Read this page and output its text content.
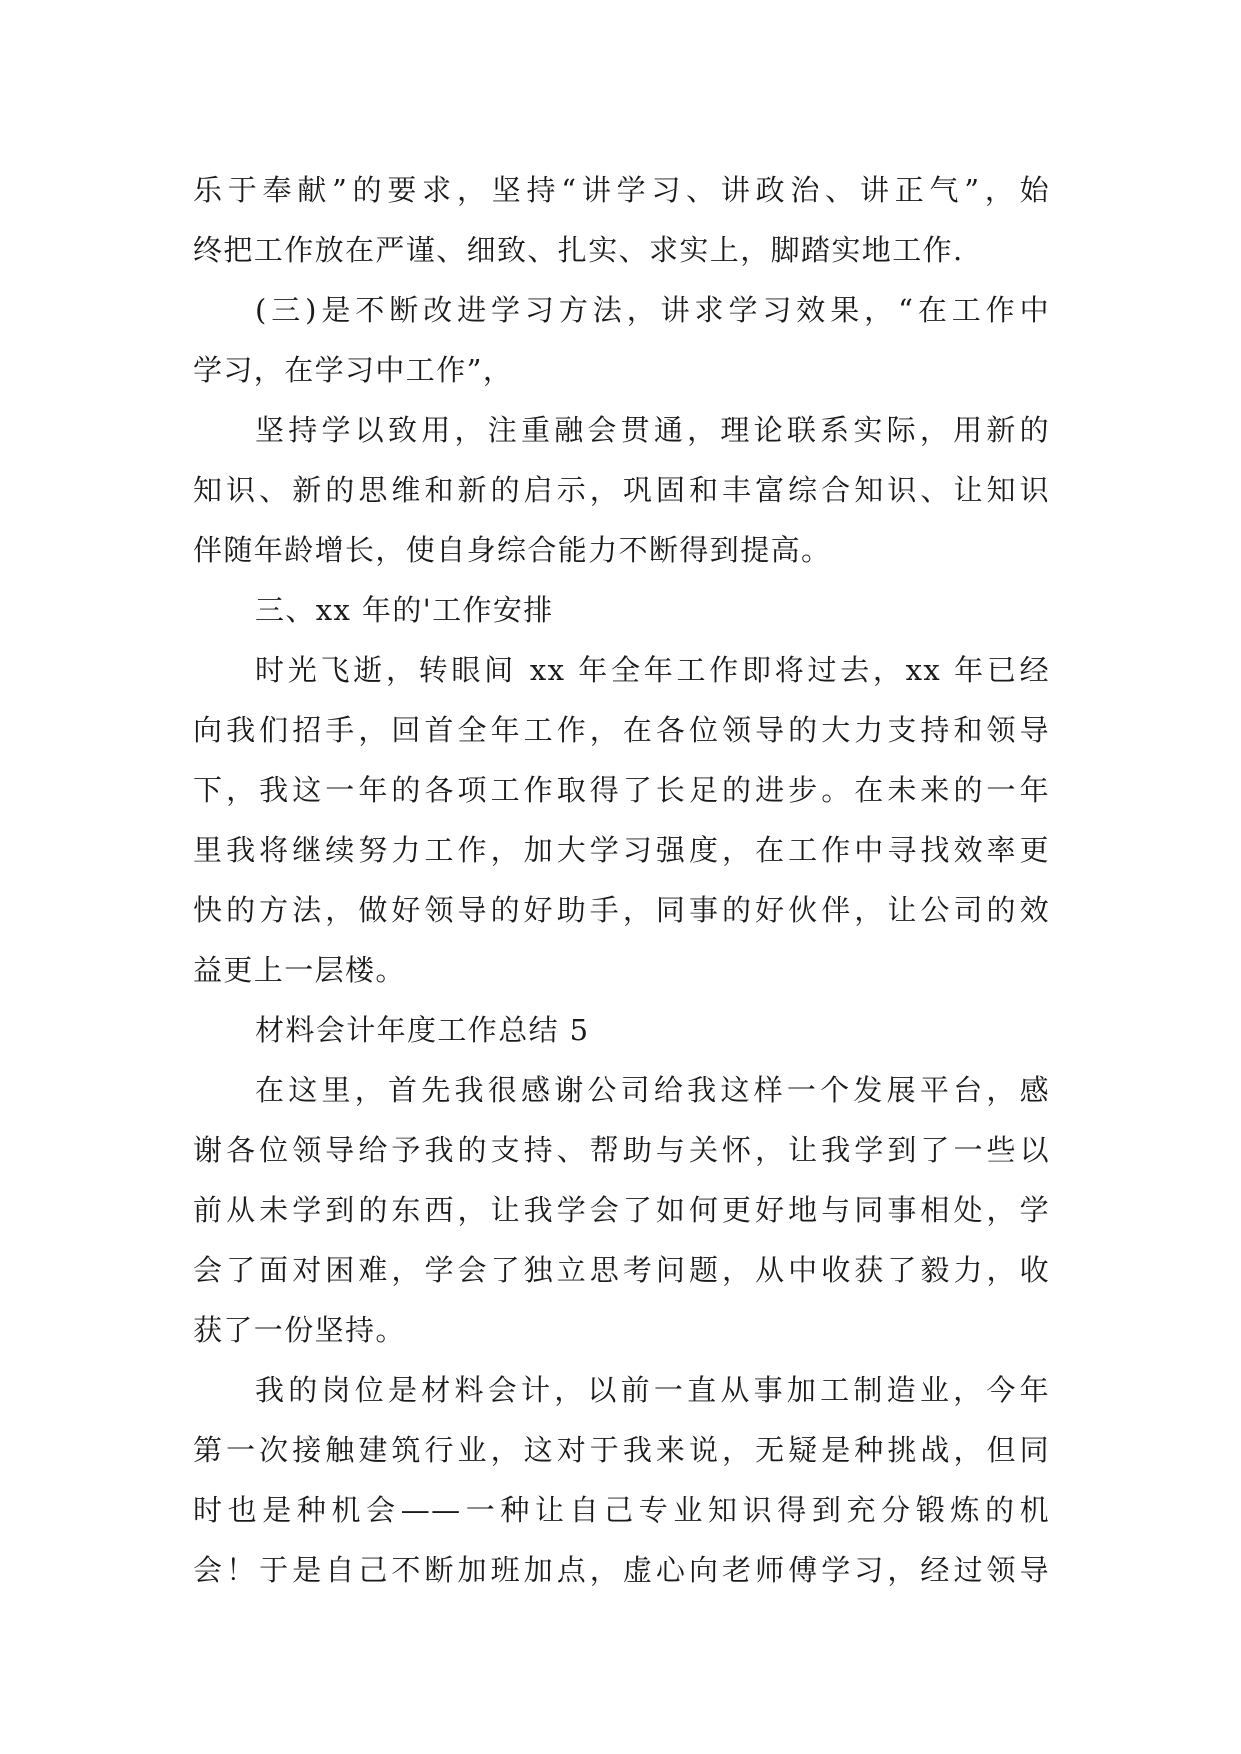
乐于奉献”的要求，坚持“讲学习、讲政治、讲正气”，始
终把工作放在严谨、细致、扎实、求实上，脚踏实地工作.
(三)是不断改进学习方法，讲求学习效果，“在工作中
学习，在学习中工作”，
坚持学以致用，注重融会贯通，理论联系实际，用新的
知识、新的思维和新的启示，巩固和丰富综合知识、让知识
伴随年龄增长，使自身综合能力不断得到提高。
三、xx 年的'工作安排
时光飞逝，转眼间 xx 年全年工作即将过去，xx 年已经
向我们招手，回首全年工作，在各位领导的大力支持和领导
下，我这一年的各项工作取得了长足的进步。在未来的一年
里我将继续努力工作，加大学习强度，在工作中寻找效率更
快的方法，做好领导的好助手，同事的好伙伴，让公司的效
益更上一层楼。
材料会计年度工作总结 5
在这里，首先我很感谢公司给我这样一个发展平台，感
谢各位领导给予我的支持、帮助与关怀，让我学到了一些以
前从未学到的东西，让我学会了如何更好地与同事相处，学
会了面对困难，学会了独立思考问题，从中收获了毅力，收
获了一份坚持。
我的岗位是材料会计，以前一直从事加工制造业，今年
第一次接触建筑行业，这对于我来说，无疑是种挑战，但同
时也是种机会——一种让自己专业知识得到充分锻炼的机
会！于是自己不断加班加点，虚心向老师傅学习，经过领导
